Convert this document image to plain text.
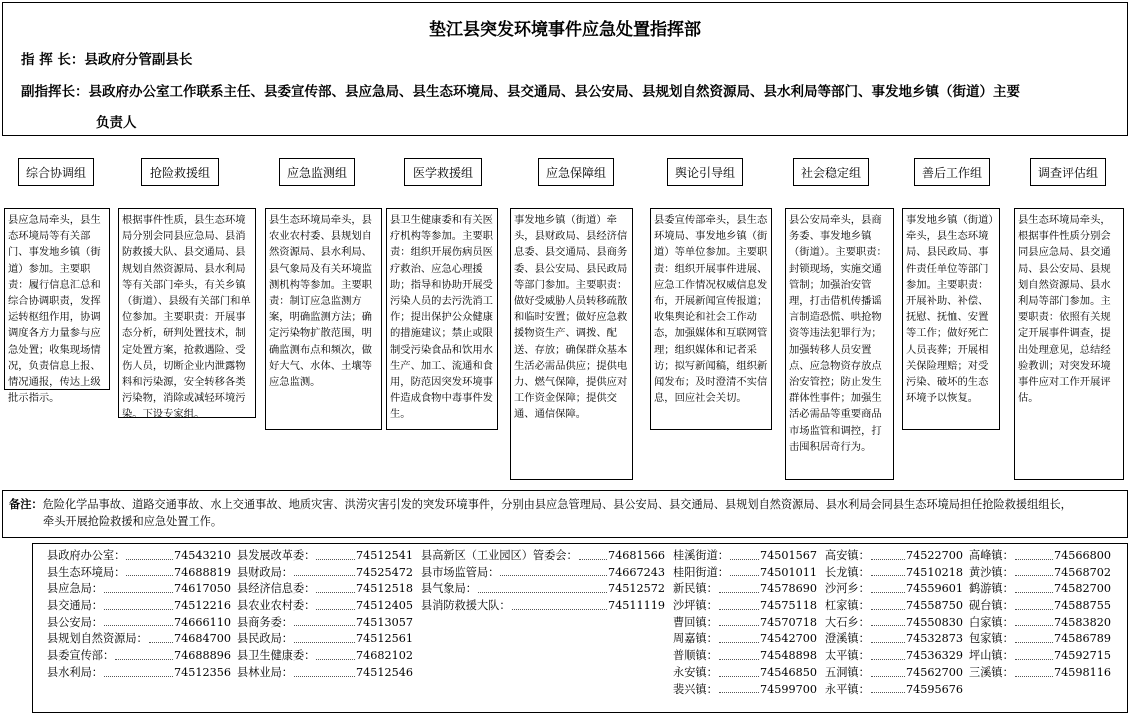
垫江县突发环境事件应急处置指挥部
指 挥 长：县政府分管副县长
副指挥长：县政府办公室工作联系主任、县委宣传部、县应急局、县生态环境局、县交通局、县公安局、县规划自然资源局、县水利局等部门、事发地乡镇（街道）主要
负责人
综合协调组
县应急局牵头，县生态环境局等有关部门、事发地乡镇（街道）参加。主要职责：履行信息汇总和综合协调职责，发挥运转枢纽作用，协调调度各方力量参与应急处置；收集现场情况，负责信息上报、情况通报，传达上级批示指示。
抢险救援组
根据事件性质，县生态环境局分别会同县应急局、县消防救援大队、县交通局、县规划自然资源局、县水利局等有关部门牵头，有关乡镇（街道）、县级有关部门和单位参加。主要职责：开展事态分析，研判处置技术，制定处置方案，抢救遇险、受伤人员，切断企业内泄露物料和污染源，安全转移各类污染物，消除或减轻环境污染。下设专家组。
应急监测组
县生态环境局牵头，县农业农村委、县规划自然资源局、县水利局、县气象局及有关环境监测机构等参加。主要职责：制订应急监测方案，明确监测方法；确定污染物扩散范围，明确监测布点和频次，做好大气、水体、土壤等应急监测。
医学救援组
县卫生健康委和有关医疗机构等参加。主要职责：组织开展伤病员医疗救治、应急心理援助；指导和协助开展受污染人员的去污洗消工作；提出保护公众健康的措施建议；禁止或限制受污染食品和饮用水生产、加工、流通和食用，防范因突发环境事件造成食物中毒事件发生。
应急保障组
事发地乡镇（街道）牵头，县财政局、县经济信息委、县交通局、县商务委、县公安局、县民政局等部门参加。主要职责：做好受威胁人员转移疏散和临时安置；做好应急救援物资生产、调拨、配送、存放；确保群众基本生活必需品供应；提供电力、燃气保障，提供应对工作资金保障；提供交通、通信保障。
舆论引导组
县委宣传部牵头，县生态环境局、事发地乡镇（街道）等单位参加。主要职责：组织开展事件进展、应急工作情况权威信息发布，开展新闻宣传报道；收集舆论和社会工作动态，加强媒体和互联网管理；组织媒体和记者采访；拟写新闻稿，组织新闻发布；及时澄清不实信息，回应社会关切。
社会稳定组
县公安局牵头，县商务委、事发地乡镇（街道）。主要职责：封锁现场，实施交通管制；加强治安管理，打击借机传播谣言制造恐慌、哄抢物资等违法犯罪行为；加强转移人员安置点、应急物资存放点治安管控；防止发生群体性事件；加强生活必需品等重要商品市场监管和调控，打击囤积居奇行为。
善后工作组
事发地乡镇（街道）牵头，县生态环境局、县民政局、事件责任单位等部门参加。主要职责：开展补助、补偿、抚慰、抚恤、安置等工作；做好死亡人员丧葬；开展相关保险理赔；对受污染、破坏的生态环境予以恢复。
调查评估组
县生态环境局牵头，根据事件性质分别会同县应急局、县交通局、县公安局、县规划自然资源局、县水利局等部门参加。主要职责：依照有关规定开展事件调查，提出处理意见，总结经验教训；对突发环境事件应对工作开展评估。
备注：危险化学品事故、道路交通事故、水上交通事故、地质灾害、洪涝灾害引发的突发环境事件，分别由县应急管理局、县公安局、县交通局、县规划自然资源局、县水利局会同县生态环境局担任抢险救援组组长，
牵头开展抢险救援和应急处置工作。
县政府办公室：	74543210 县发展改革委：	74512541 县高新区（工业园区）管委会：	74681566 桂溪街道：	74501567 高安镇：	74522700 高峰镇：	74566800
县生态环境局：	74688819 县财政局：	74525472 县市场监管局：	74667243 桂阳街道：	74501011 长龙镇：	74510218 黄沙镇：	74568702
县应急局：	74617050 县经济信息委：	74512518 县气象局：	74512572 新民镇：	74578690 沙河乡：	74559601 鹤游镇：	74582700
县交通局：	74512216 县农业农村委：	74512405 县消防救援大队：	74511119 沙坪镇：	74575118 杠家镇：	74558750 砚台镇：	74588755
县公安局：	74666110 县商务委：	74513057	曹回镇：	74570718 大石乡：	74550830 白家镇：	74583820
县规划自然资源局： 74684700 县民政局：	74512561	周嘉镇：	74542700 澄溪镇：	74532873 包家镇：	74586789
县委宣传部：	74688896 县卫生健康委：	74682102	普顺镇：	74548898 太平镇：	74536329 坪山镇：	74592715
县水利局：	74512356 县林业局：	74512546	永安镇：	74546850 五洞镇：	74562700 三溪镇：	74598116
裴兴镇：	74599700 永平镇：	74595676
